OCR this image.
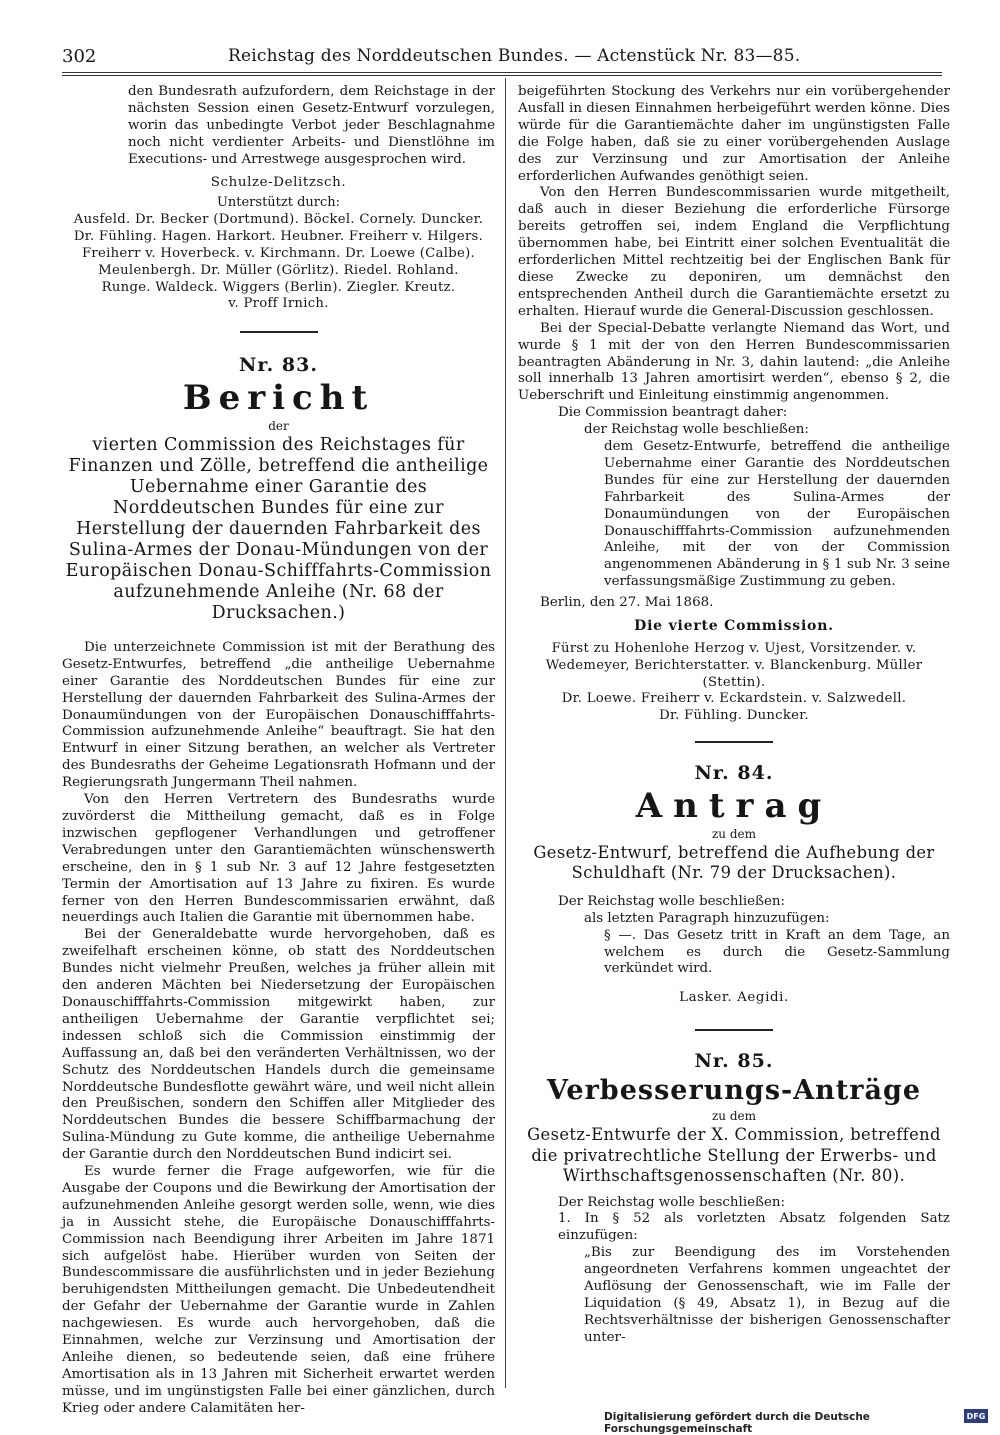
302	Reichstag des Norddeutschen Bundes. — Actenstück Nr. 83—85.

den Bundesrath aufzufordern, dem Reichstage in der nächsten Session einen Gesetz-Entwurf vorzulegen, worin das unbedingte Verbot jeder Beschlagnahme noch nicht verdienter Arbeits- und Dienstlöhne im Executions- und Arrestwege ausgesprochen wird.

Schulze-Delitzsch.
Unterstützt durch:
Ausfeld. Dr. Becker (Dortmund). Böckel. Cornely. Duncker.
Dr. Fühling. Hagen. Harkort. Heubner. Freiherr v. Hilgers.
Freiherr v. Hoverbeck. v. Kirchmann. Dr. Loewe (Calbe).
Meulenbergh. Dr. Müller (Görlitz). Riedel. Rohland.
Runge. Waldeck. Wiggers (Berlin). Ziegler. Kreutz.
v. Proff Irnich.
Nr. 83.
Bericht
der
vierten Commission des Reichstages für Finanzen und Zölle, betreffend die antheilige Uebernahme einer Garantie des Norddeutschen Bundes für eine zur Herstellung der dauernden Fahrbarkeit des Sulina-Armes der Donau-Mündungen von der Europäischen Donau-Schifffahrts-Commission aufzunehmende Anleihe (Nr. 68 der Drucksachen.)

Die unterzeichnete Commission ist mit der Berathung des Gesetz-Entwurfes, betreffend „die antheilige Uebernahme einer Garantie des Norddeutschen Bundes für eine zur Herstellung der dauernden Fahrbarkeit des Sulina-Armes der Donaumündungen von der Europäischen Donauschifffahrts-Commission aufzunehmende Anleihe“ beauftragt. Sie hat den Entwurf in einer Sitzung berathen, an welcher als Vertreter des Bundesraths der Geheime Legationsrath Hofmann und der Regierungsrath Jungermann Theil nahmen.

Von den Herren Vertretern des Bundesraths wurde zuvörderst die Mittheilung gemacht, daß es in Folge inzwischen gepflogener Verhandlungen und getroffener Verabredungen unter den Garantiemächten wünschenswerth erscheine, den in § 1 sub Nr. 3 auf 12 Jahre festgesetzten Termin der Amortisation auf 13 Jahre zu fixiren. Es wurde ferner von den Herren Bundescommissarien erwähnt, daß neuerdings auch Italien die Garantie mit übernommen habe.

Bei der Generaldebatte wurde hervorgehoben, daß es zweifelhaft erscheinen könne, ob statt des Norddeutschen Bundes nicht vielmehr Preußen, welches ja früher allein mit den anderen Mächten bei Niedersetzung der Europäischen Donauschifffahrts-Commission mitgewirkt haben, zur antheiligen Uebernahme der Garantie verpflichtet sei; indessen schloß sich die Commission einstimmig der Auffassung an, daß bei den veränderten Verhältnissen, wo der Schutz des Norddeutschen Handels durch die gemeinsame Norddeutsche Bundesflotte gewährt wäre, und weil nicht allein den Preußischen, sondern den Schiffen aller Mitglieder des Norddeutschen Bundes die bessere Schiffbarmachung der Sulina-Mündung zu Gute komme, die antheilige Uebernahme der Garantie durch den Norddeutschen Bund indicirt sei.

Es wurde ferner die Frage aufgeworfen, wie für die Ausgabe der Coupons und die Bewirkung der Amortisation der aufzunehmenden Anleihe gesorgt werden solle, wenn, wie dies ja in Aussicht stehe, die Europäische Donauschifffahrts-Commission nach Beendigung ihrer Arbeiten im Jahre 1871 sich aufgelöst habe. Hierüber wurden von Seiten der Bundescommissare die ausführlichsten und in jeder Beziehung beruhigendsten Mittheilungen gemacht. Die Unbedeutendheit der Gefahr der Uebernahme der Garantie wurde in Zahlen nachgewiesen. Es wurde auch hervorgehoben, daß die Einnahmen, welche zur Verzinsung und Amortisation der Anleihe dienen, so bedeutende seien, daß eine frühere Amortisation als in 13 Jahren mit Sicherheit erwartet werden müsse, und im ungünstigsten Falle bei einer gänzlichen, durch Krieg oder andere Calamitäten her-

beigeführten Stockung des Verkehrs nur ein vorübergehender Ausfall in diesen Einnahmen herbeigeführt werden könne. Dies würde für die Garantiemächte daher im ungünstigsten Falle die Folge haben, daß sie zu einer vorübergehenden Auslage des zur Verzinsung und zur Amortisation der Anleihe erforderlichen Aufwandes genöthigt seien.

Von den Herren Bundescommissarien wurde mitgetheilt, daß auch in dieser Beziehung die erforderliche Fürsorge bereits getroffen sei, indem England die Verpflichtung übernommen habe, bei Eintritt einer solchen Eventualität die erforderlichen Mittel rechtzeitig bei der Englischen Bank für diese Zwecke zu deponiren, um demnächst den entsprechenden Antheil durch die Garantiemächte ersetzt zu erhalten. Hierauf wurde die General-Discussion geschlossen.

Bei der Special-Debatte verlangte Niemand das Wort, und wurde § 1 mit der von den Herren Bundescommissarien beantragten Abänderung in Nr. 3, dahin lautend: „die Anleihe soll innerhalb 13 Jahren amortisirt werden“, ebenso § 2, die Ueberschrift und Einleitung einstimmig angenommen.

Die Commission beantragt daher:
der Reichstag wolle beschließen:

dem Gesetz-Entwurfe, betreffend die antheilige Uebernahme einer Garantie des Norddeutschen Bundes für eine zur Herstellung der dauernden Fahrbarkeit des Sulina-Armes der Donaumündungen von der Europäischen Donauschifffahrts-Commission aufzunehmenden Anleihe, mit der von der Commission angenommenen Abänderung in § 1 sub Nr. 3 seine verfassungsmäßige Zustimmung zu geben.

Berlin, den 27. Mai 1868.

Die vierte Commission.
Fürst zu Hohenlohe Herzog v. Ujest, Vorsitzender. v. Wedemeyer, Berichterstatter. v. Blanckenburg. Müller (Stettin).
Dr. Loewe. Freiherr v. Eckardstein. v. Salzwedell.
Dr. Fühling. Duncker.
Nr. 84.
Antrag
zu dem
Gesetz-Entwurf, betreffend die Aufhebung der Schuldhaft (Nr. 79 der Drucksachen).
Der Reichstag wolle beschließen:
als letzten Paragraph hinzuzufügen:

§ —. Das Gesetz tritt in Kraft an dem Tage, an welchem es durch die Gesetz-Sammlung verkündet wird.

Lasker. Aegidi.
Nr. 85.
Verbesserungs-Anträge
zu dem
Gesetz-Entwurfe der X. Commission, betreffend die privatrechtliche Stellung der Erwerbs- und Wirthschaftsgenossenschaften (Nr. 80).
Der Reichstag wolle beschließen:

1. In § 52 als vorletzten Absatz folgenden Satz einzufügen:

„Bis zur Beendigung des im Vorstehenden angeordneten Verfahrens kommen ungeachtet der Auflösung der Genossenschaft, wie im Falle der Liquidation (§ 49, Absatz 1), in Bezug auf die Rechtsverhältnisse der bisherigen Genossenschafter unter-

Digitalisierung gefördert durch die Deutsche Forschungsgemeinschaft
DFG
